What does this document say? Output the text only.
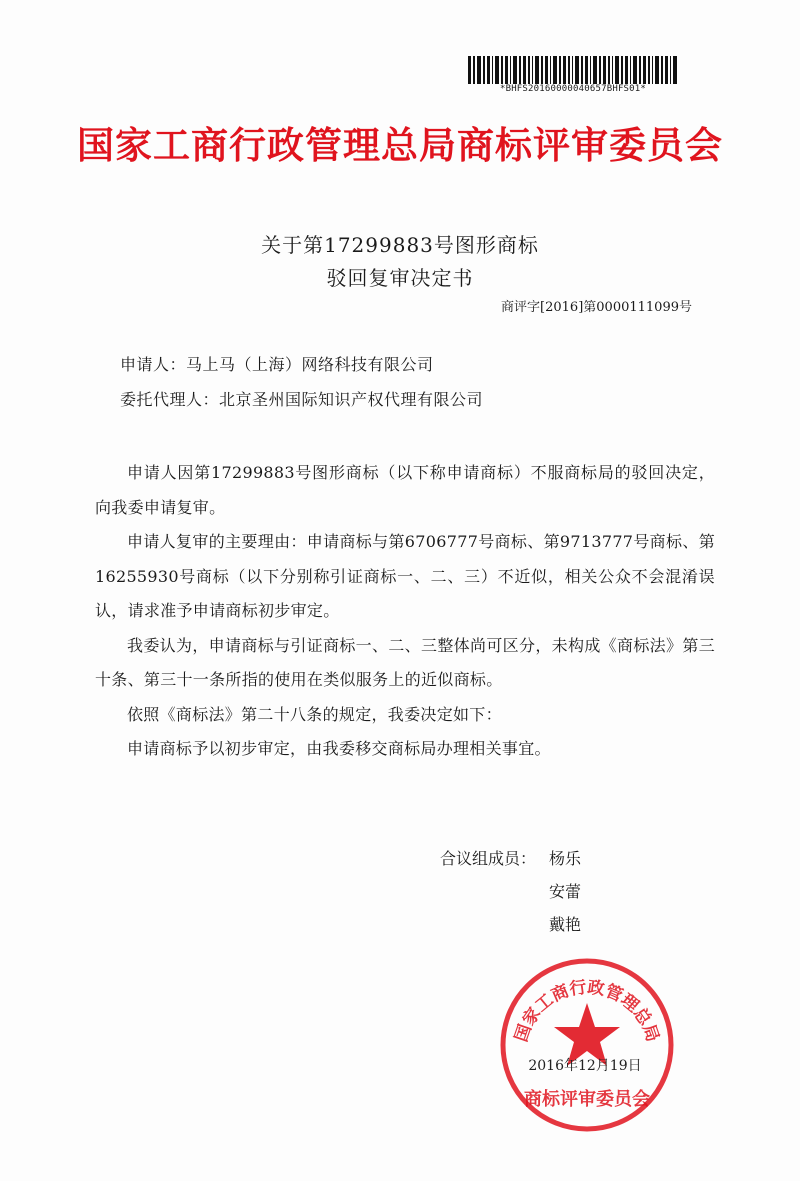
*BHFS20160000040657BHFS01*
国家工商行政管理总局商标评审委员会
关于第17299883号图形商标
驳回复审决定书
商评字[2016]第0000111099号
申请人：马上马（上海）网络科技有限公司
委托代理人：北京圣州国际知识产权代理有限公司

申请人因第17299883号图形商标（以下称申请商标）不服商标局的驳回决定，向我委申请复审。

申请人复审的主要理由：申请商标与第6706777号商标、第9713777号商标、第16255930号商标（以下分别称引证商标一、二、三）不近似，相关公众不会混淆误认，请求准予申请商标初步审定。

我委认为，申请商标与引证商标一、二、三整体尚可区分，未构成《商标法》第三十条、第三十一条所指的使用在类似服务上的近似商标。

依照《商标法》第二十八条的规定，我委决定如下：

申请商标予以初步审定，由我委移交商标局办理相关事宜。

合议组成员： 杨乐
安蕾
戴艳
国家工商行政管理总局
商标评审委员会
2016年12月19日
